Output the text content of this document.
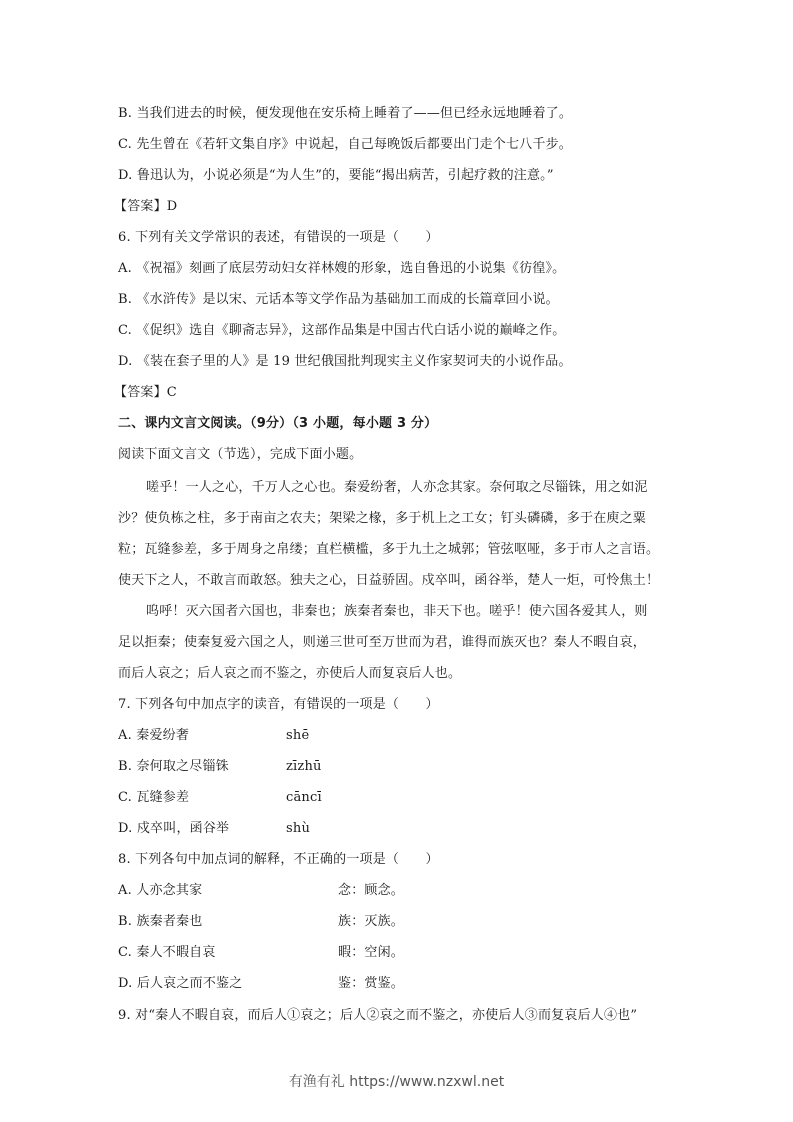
B. 当我们进去的时候，便发现他在安乐椅上睡着了——但已经永远地睡着了。
C. 先生曾在《若轩文集自序》中说起，自己每晚饭后都要出门走个七八千步。
D. 鲁迅认为，小说必须是“为人生”的，要能“揭出病苦，引起疗救的注意。”
【答案】D
6. 下列有关文学常识的表述，有错误的一项是（　　）
A. 《祝福》刻画了底层劳动妇女祥林嫂的形象，选自鲁迅的小说集《彷徨》。
B. 《水浒传》是以宋、元话本等文学作品为基础加工而成的长篇章回小说。
C. 《促织》选自《聊斋志异》，这部作品集是中国古代白话小说的巅峰之作。
D. 《装在套子里的人》是 19 世纪俄国批判现实主义作家契诃夫的小说作品。
【答案】C
二、课内文言文阅读。（9分）（3 小题，每小题 3 分）
阅读下面文言文（节选），完成下面小题。
嗟乎！一人之心，千万人之心也。秦爱纷奢，人亦念其家。奈何取之尽锱铢，用之如泥
沙？使负栋之柱，多于南亩之农夫；架梁之椽，多于机上之工女；钉头磷磷，多于在庾之粟
粒；瓦缝参差，多于周身之帛缕；直栏横槛，多于九土之城郭；管弦呕哑，多于市人之言语。
使天下之人，不敢言而敢怒。独夫之心，日益骄固。戍卒叫，函谷举，楚人一炬，可怜焦土！
呜呼！灭六国者六国也，非秦也；族秦者秦也，非天下也。嗟乎！使六国各爱其人，则
足以拒秦；使秦复爱六国之人，则递三世可至万世而为君，谁得而族灭也？秦人不暇自哀，
而后人哀之；后人哀之而不鉴之，亦使后人而复哀后人也。
7. 下列各句中加点字的读音，有错误的一项是（　　）
A. 秦爱纷奢	shē
B. 奈何取之尽锱铢	zīzhū
C. 瓦缝参差	cāncī
D. 戍卒叫，函谷举	shù
8. 下列各句中加点词的解释，不正确的一项是（　　）
A. 人亦念其家	念：顾念。
B. 族秦者秦也	族：灭族。
C. 秦人不暇自哀	暇：空闲。
D. 后人哀之而不鉴之	鉴：赏鉴。
9. 对“秦人不暇自哀，而后人①哀之；后人②哀之而不鉴之，亦使后人③而复哀后人④也”
有渔有礼 https://www.nzxwl.net
